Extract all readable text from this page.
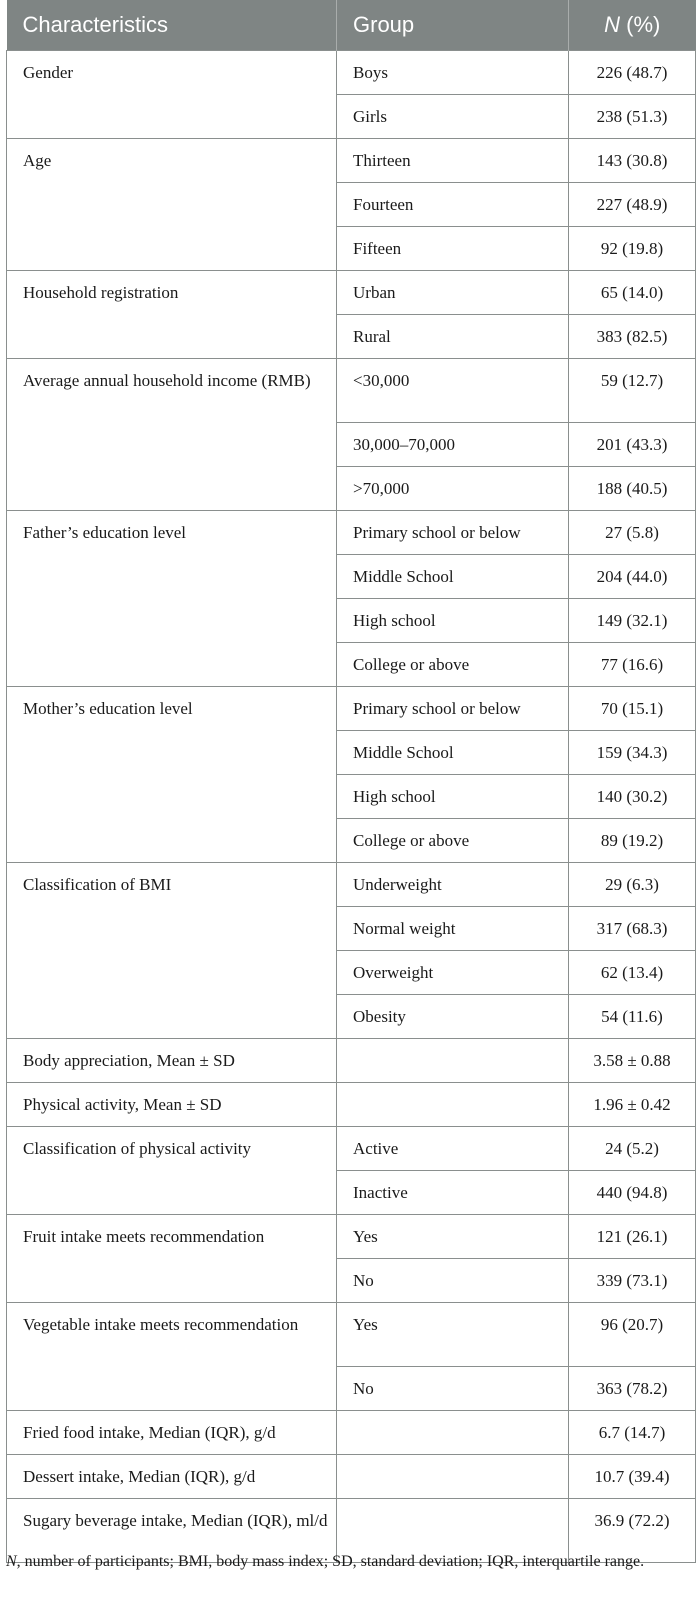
Characteristics	Group	N (%)
Gender	Boys	226 (48.7)
	Girls	238 (51.3)
Age	Thirteen	143 (30.8)
	Fourteen	227 (48.9)
	Fifteen	92 (19.8)
Household registration	Urban	65 (14.0)
	Rural	383 (82.5)
Average annual household income (RMB)	<30,000	59 (12.7)
	30,000–70,000	201 (43.3)
	>70,000	188 (40.5)
Father’s education level	Primary school or below	27 (5.8)
	Middle School	204 (44.0)
	High school	149 (32.1)
	College or above	77 (16.6)
Mother’s education level	Primary school or below	70 (15.1)
	Middle School	159 (34.3)
	High school	140 (30.2)
	College or above	89 (19.2)
Classification of BMI	Underweight	29 (6.3)
	Normal weight	317 (68.3)
	Overweight	62 (13.4)
	Obesity	54 (11.6)
Body appreciation, Mean ± SD		3.58 ± 0.88
Physical activity, Mean ± SD		1.96 ± 0.42
Classification of physical activity	Active	24 (5.2)
	Inactive	440 (94.8)
Fruit intake meets recommendation	Yes	121 (26.1)
	No	339 (73.1)
Vegetable intake meets recommendation	Yes	96 (20.7)
	No	363 (78.2)
Fried food intake, Median (IQR), g/d		6.7 (14.7)
Dessert intake, Median (IQR), g/d		10.7 (39.4)
Sugary beverage intake, Median (IQR), ml/d		36.9 (72.2)
N, number of participants; BMI, body mass index; SD, standard deviation; IQR, interquartile range.
